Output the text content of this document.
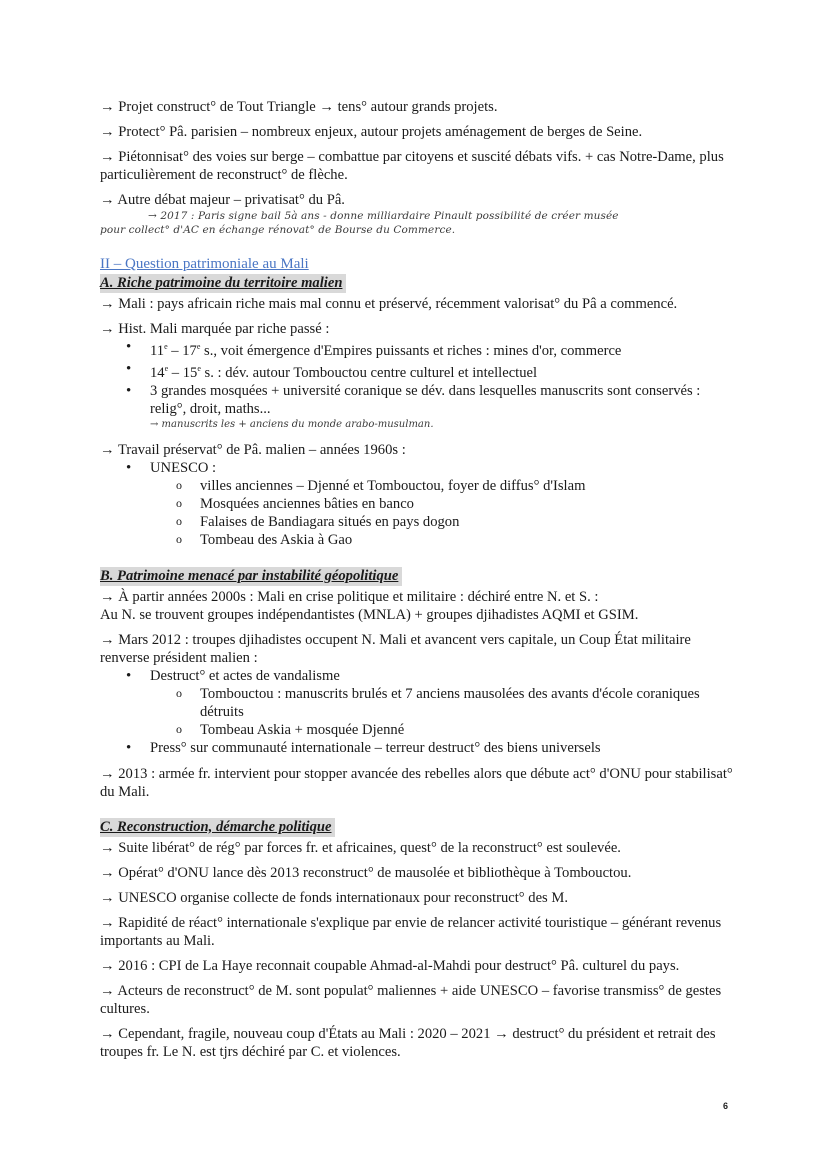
→ Projet construct° de Tout Triangle → tens° autour grands projets.

→ Protect° Pâ. parisien – nombreux enjeux, autour projets aménagement de berges de Seine.

→ Piétonnisat° des voies sur berge – combattue par citoyens et suscité débats vifs. + cas Notre-Dame, plus particulièrement de reconstruct° de flèche.

→ Autre débat majeur – privatisat° du Pâ.

→ 2017 : Paris signe bail 5à ans - donne milliardaire Pinault possibilité de créer musée
pour collect° d'AC en échange rénovat° de Bourse du Commerce.
II – Question patrimoniale au Mali
A. Riche patrimoine du territoire malien

→ Mali : pays africain riche mais mal connu et préservé, récemment valorisat° du Pâ a commencé.

→ Hist. Mali marquée par riche passé :

• 11e – 17e s., voit émergence d'Empires puissants et riches : mines d'or, commerce
• 14e – 15e s. : dév. autour Tombouctou centre culturel et intellectuel
• 3 grandes mosquées + université coranique se dév. dans lesquelles manuscrits sont conservés : relig°, droit, maths...
→ manuscrits les + anciens du monde arabo-musulman.

→ Travail préservat° de Pâ. malien – années 1960s :

• UNESCO :
o villes anciennes – Djenné et Tombouctou, foyer de diffus° d'Islam
o Mosquées anciennes bâties en banco
o Falaises de Bandiagara situés en pays dogon
o Tombeau des Askia à Gao
B. Patrimoine menacé par instabilité géopolitique

→ À partir années 2000s : Mali en crise politique et militaire : déchiré entre N. et S. :
Au N. se trouvent groupes indépendantistes (MNLA) + groupes djihadistes AQMI et GSIM.

→ Mars 2012 : troupes djihadistes occupent N. Mali et avancent vers capitale, un Coup État militaire renverse président malien :

• Destruct° et actes de vandalisme
o Tombouctou : manuscrits brulés et 7 anciens mausolées des avants d'école coraniques détruits
o Tombeau Askia + mosquée Djenné
• Press° sur communauté internationale – terreur destruct° des biens universels

→ 2013 : armée fr. intervient pour stopper avancée des rebelles alors que débute act° d'ONU pour stabilisat° du Mali.

C. Reconstruction, démarche politique

→ Suite libérat° de rég° par forces fr. et africaines, quest° de la reconstruct° est soulevée.

→ Opérat° d'ONU lance dès 2013 reconstruct° de mausolée et bibliothèque à Tombouctou.

→ UNESCO organise collecte de fonds internationaux pour reconstruct° des M.

→ Rapidité de réact° internationale s'explique par envie de relancer activité touristique – générant revenus importants au Mali.

→ 2016 : CPI de La Haye reconnait coupable Ahmad-al-Mahdi pour destruct° Pâ. culturel du pays.

→ Acteurs de reconstruct° de M. sont populat° maliennes + aide UNESCO – favorise transmiss° de gestes cultures.

→ Cependant, fragile, nouveau coup d'États au Mali : 2020 – 2021 → destruct° du président et retrait des troupes fr. Le N. est tjrs déchiré par C. et violences.

6
